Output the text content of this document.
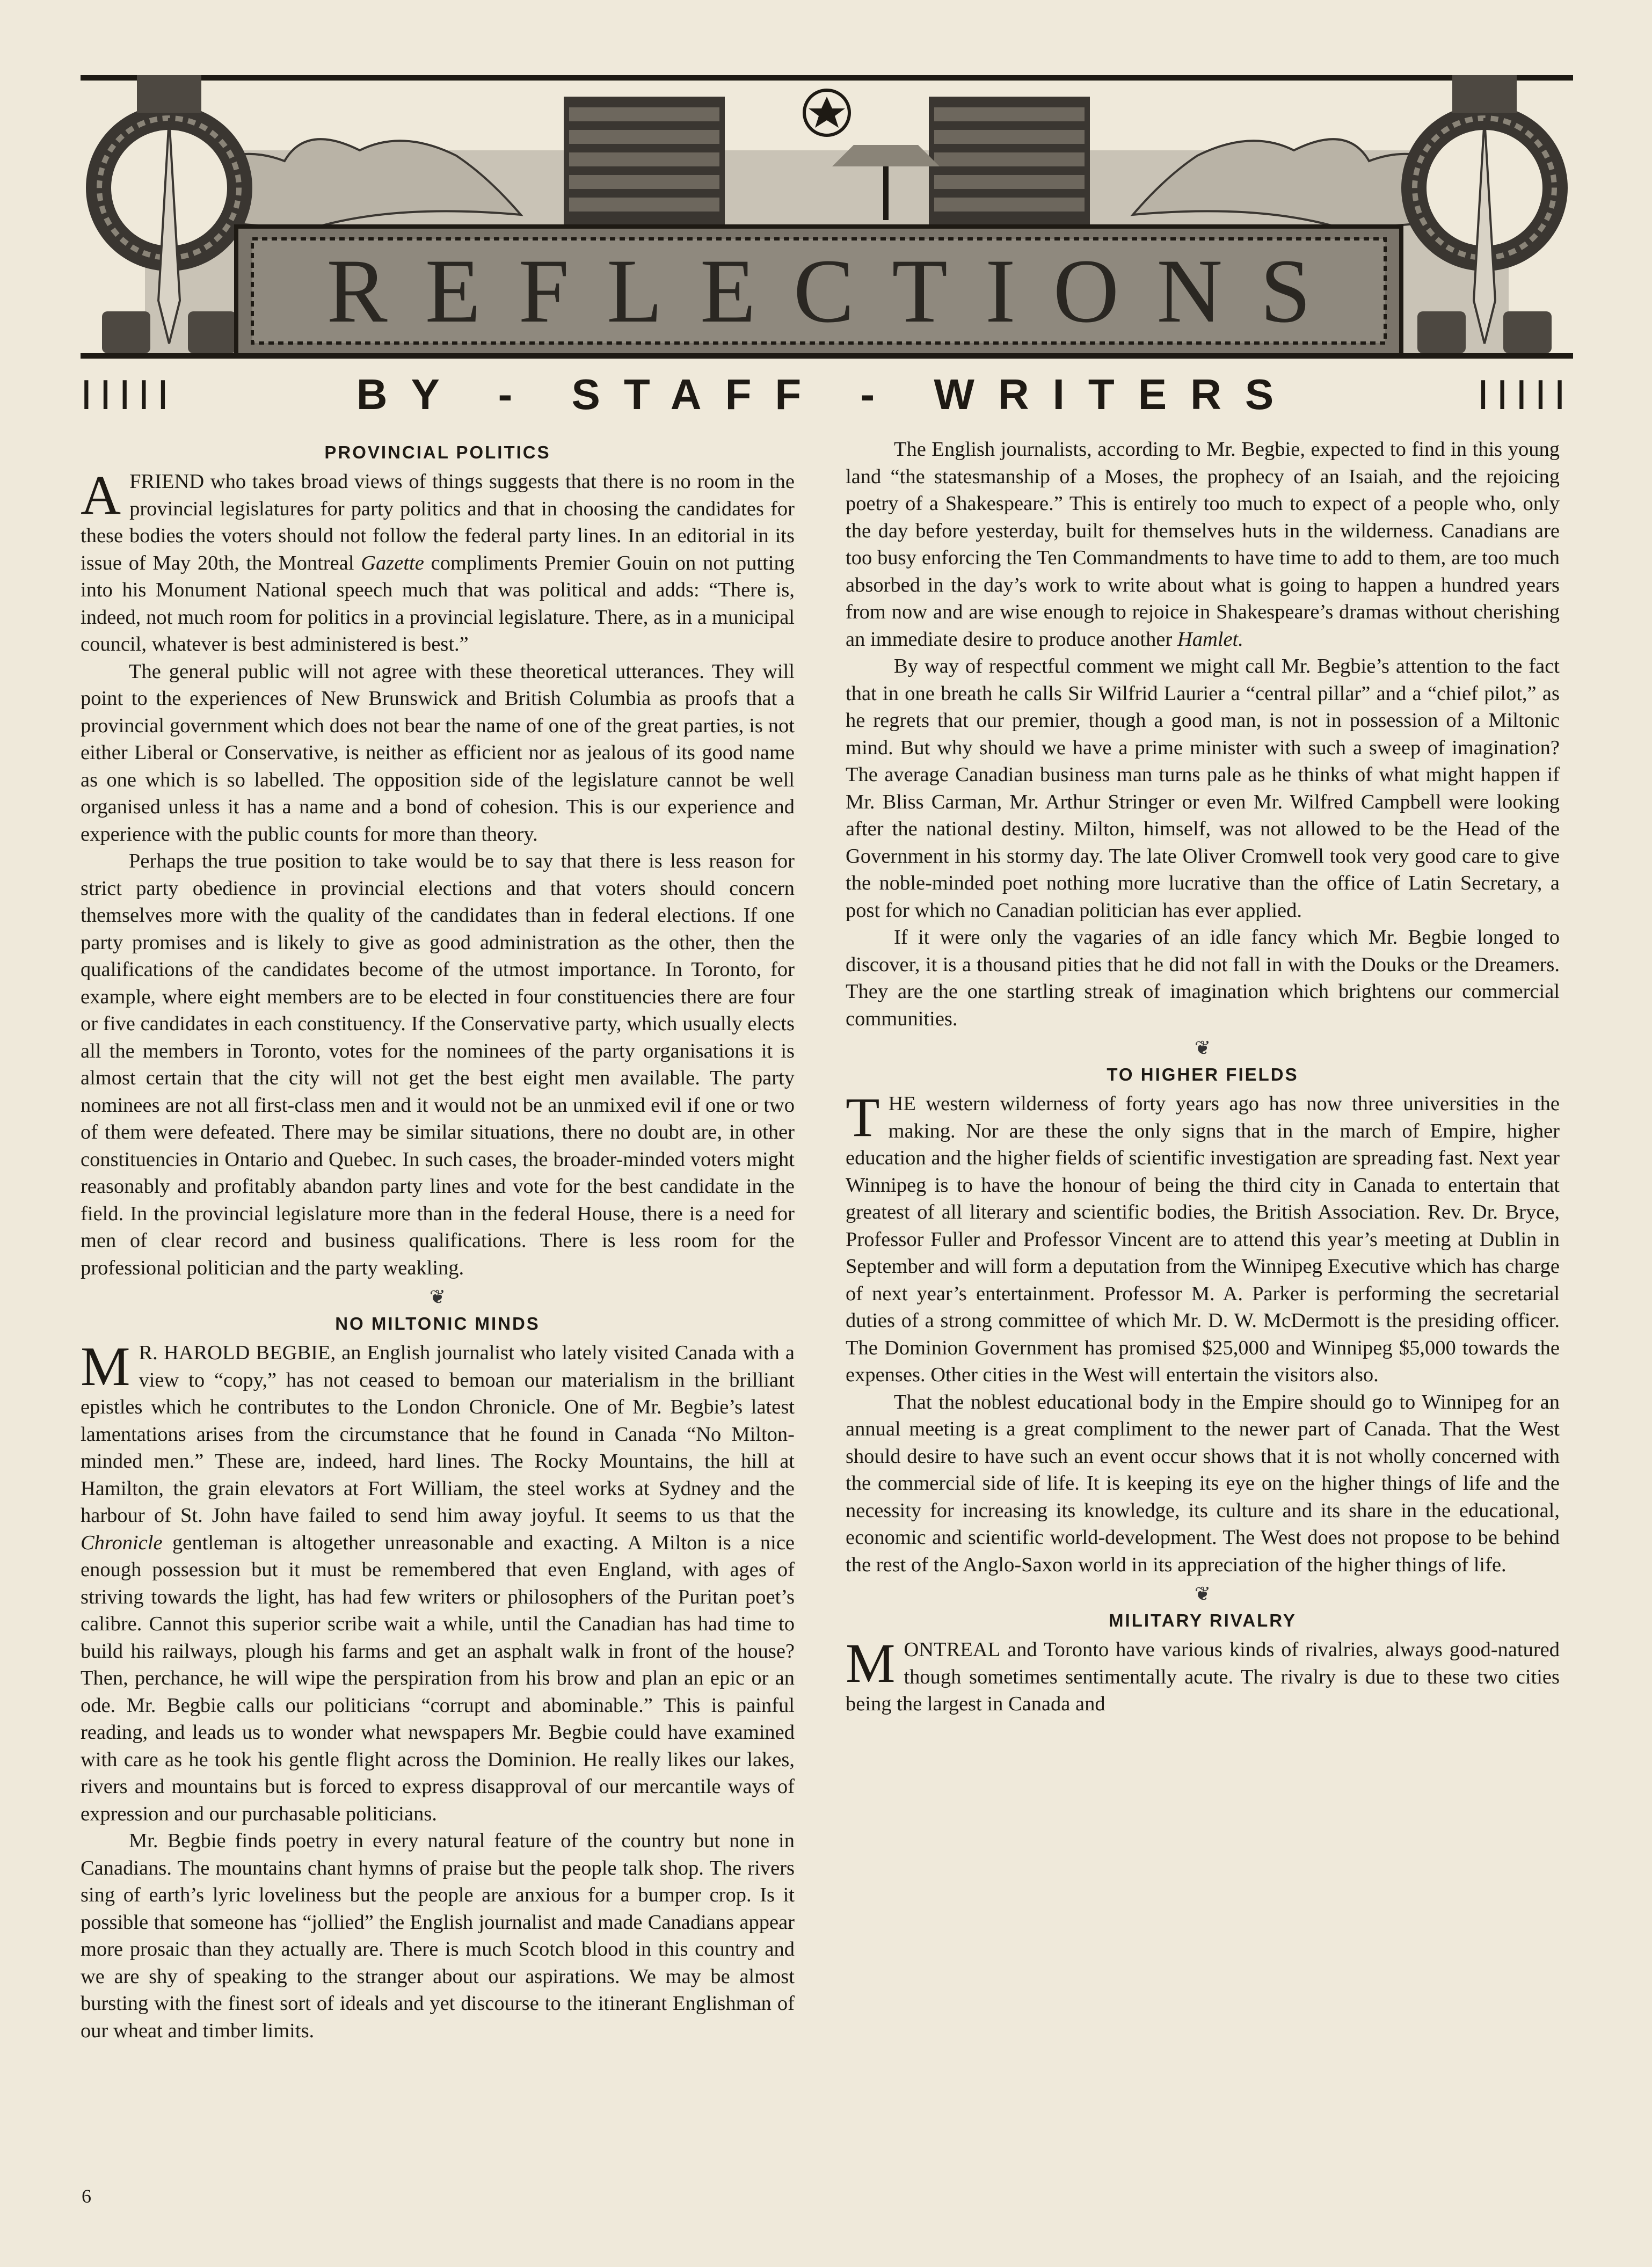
REFLECTIONS
IIIII	BY - STAFF - WRITERS	IIIII
PROVINCIAL POLITICS

A FRIEND who takes broad views of things suggests that there is no room in the provincial legislatures for party politics and that in choosing the candidates for these bodies the voters should not follow the federal party lines. In an editorial in its issue of May 20th, the Montreal Gazette compliments Premier Gouin on not putting into his Monument National speech much that was political and adds: “There is, indeed, not much room for politics in a provincial legislature. There, as in a municipal council, whatever is best administered is best.”

The general public will not agree with these theoretical utterances. They will point to the experiences of New Brunswick and British Columbia as proofs that a provincial government which does not bear the name of one of the great parties, is not either Liberal or Conservative, is neither as efficient nor as jealous of its good name as one which is so labelled. The opposition side of the legislature cannot be well organised unless it has a name and a bond of cohesion. This is our experience and experience with the public counts for more than theory.

Perhaps the true position to take would be to say that there is less reason for strict party obedience in provincial elections and that voters should concern themselves more with the quality of the candidates than in federal elections. If one party promises and is likely to give as good administration as the other, then the qualifications of the candidates become of the utmost importance. In Toronto, for example, where eight members are to be elected in four constituencies there are four or five candidates in each constituency. If the Conservative party, which usually elects all the members in Toronto, votes for the nominees of the party organisations it is almost certain that the city will not get the best eight men available. The party nominees are not all first-class men and it would not be an unmixed evil if one or two of them were defeated. There may be similar situations, there no doubt are, in other constituencies in Ontario and Quebec. In such cases, the broader-minded voters might reasonably and profitably abandon party lines and vote for the best candidate in the field. In the provincial legislature more than in the federal House, there is a need for men of clear record and business qualifications. There is less room for the professional politician and the party weakling.

❦
NO MILTONIC MINDS

M R. HAROLD BEGBIE, an English journalist who lately visited Canada with a view to “copy,” has not ceased to bemoan our materialism in the brilliant epistles which he contributes to the London Chronicle. One of Mr. Begbie’s latest lamentations arises from the circumstance that he found in Canada “No Milton-minded men.” These are, indeed, hard lines. The Rocky Mountains, the hill at Hamilton, the grain elevators at Fort William, the steel works at Sydney and the harbour of St. John have failed to send him away joyful. It seems to us that the Chronicle gentleman is altogether unreasonable and exacting. A Milton is a nice enough possession but it must be remembered that even England, with ages of striving towards the light, has had few writers or philosophers of the Puritan poet’s calibre. Cannot this superior scribe wait a while, until the Canadian has had time to build his railways, plough his farms and get an asphalt walk in front of the house? Then, perchance, he will wipe the perspiration from his brow and plan an epic or an ode. Mr. Begbie calls our politicians “corrupt and abominable.” This is painful reading, and leads us to wonder what newspapers Mr. Begbie could have examined with care as he took his gentle flight across the Dominion. He really likes our lakes, rivers and mountains but is forced to express disapproval of our mercantile ways of expression and our purchasable politicians.

Mr. Begbie finds poetry in every natural feature of the country but none in Canadians. The mountains chant hymns of praise but the people talk shop. The rivers sing of earth’s lyric loveliness but the people are anxious for a bumper crop. Is it possible that someone has “jollied” the English journalist and made Canadians appear more prosaic than they actually are. There is much Scotch blood in this country and we are shy of speaking to the stranger about our aspirations. We may be almost bursting with the finest sort of ideals and yet discourse to the itinerant Englishman of our wheat and timber limits.

The English journalists, according to Mr. Begbie, expected to find in this young land “the statesmanship of a Moses, the prophecy of an Isaiah, and the rejoicing poetry of a Shakespeare.” This is entirely too much to expect of a people who, only the day before yesterday, built for themselves huts in the wilderness. Canadians are too busy enforcing the Ten Commandments to have time to add to them, are too much absorbed in the day’s work to write about what is going to happen a hundred years from now and are wise enough to rejoice in Shakespeare’s dramas without cherishing an immediate desire to produce another Hamlet.

By way of respectful comment we might call Mr. Begbie’s attention to the fact that in one breath he calls Sir Wilfrid Laurier a “central pillar” and a “chief pilot,” as he regrets that our premier, though a good man, is not in possession of a Miltonic mind. But why should we have a prime minister with such a sweep of imagination? The average Canadian business man turns pale as he thinks of what might happen if Mr. Bliss Carman, Mr. Arthur Stringer or even Mr. Wilfred Campbell were looking after the national destiny. Milton, himself, was not allowed to be the Head of the Government in his stormy day. The late Oliver Cromwell took very good care to give the noble-minded poet nothing more lucrative than the office of Latin Secretary, a post for which no Canadian politician has ever applied.

If it were only the vagaries of an idle fancy which Mr. Begbie longed to discover, it is a thousand pities that he did not fall in with the Douks or the Dreamers. They are the one startling streak of imagination which brightens our commercial communities.

❦
TO HIGHER FIELDS

T HE western wilderness of forty years ago has now three universities in the making. Nor are these the only signs that in the march of Empire, higher education and the higher fields of scientific investigation are spreading fast. Next year Winnipeg is to have the honour of being the third city in Canada to entertain that greatest of all literary and scientific bodies, the British Association. Rev. Dr. Bryce, Professor Fuller and Professor Vincent are to attend this year’s meeting at Dublin in September and will form a deputation from the Winnipeg Executive which has charge of next year’s entertainment. Professor M. A. Parker is performing the secretarial duties of a strong committee of which Mr. D. W. McDermott is the presiding officer. The Dominion Government has promised $25,000 and Winnipeg $5,000 towards the expenses. Other cities in the West will entertain the visitors also.

That the noblest educational body in the Empire should go to Winnipeg for an annual meeting is a great compliment to the newer part of Canada. That the West should desire to have such an event occur shows that it is not wholly concerned with the commercial side of life. It is keeping its eye on the higher things of life and the necessity for increasing its knowledge, its culture and its share in the educational, economic and scientific world-development. The West does not propose to be behind the rest of the Anglo-Saxon world in its appreciation of the higher things of life.

❦
MILITARY RIVALRY

M ONTREAL and Toronto have various kinds of rivalries, always good-natured though sometimes sentimentally acute. The rivalry is due to these two cities being the largest in Canada and

6
